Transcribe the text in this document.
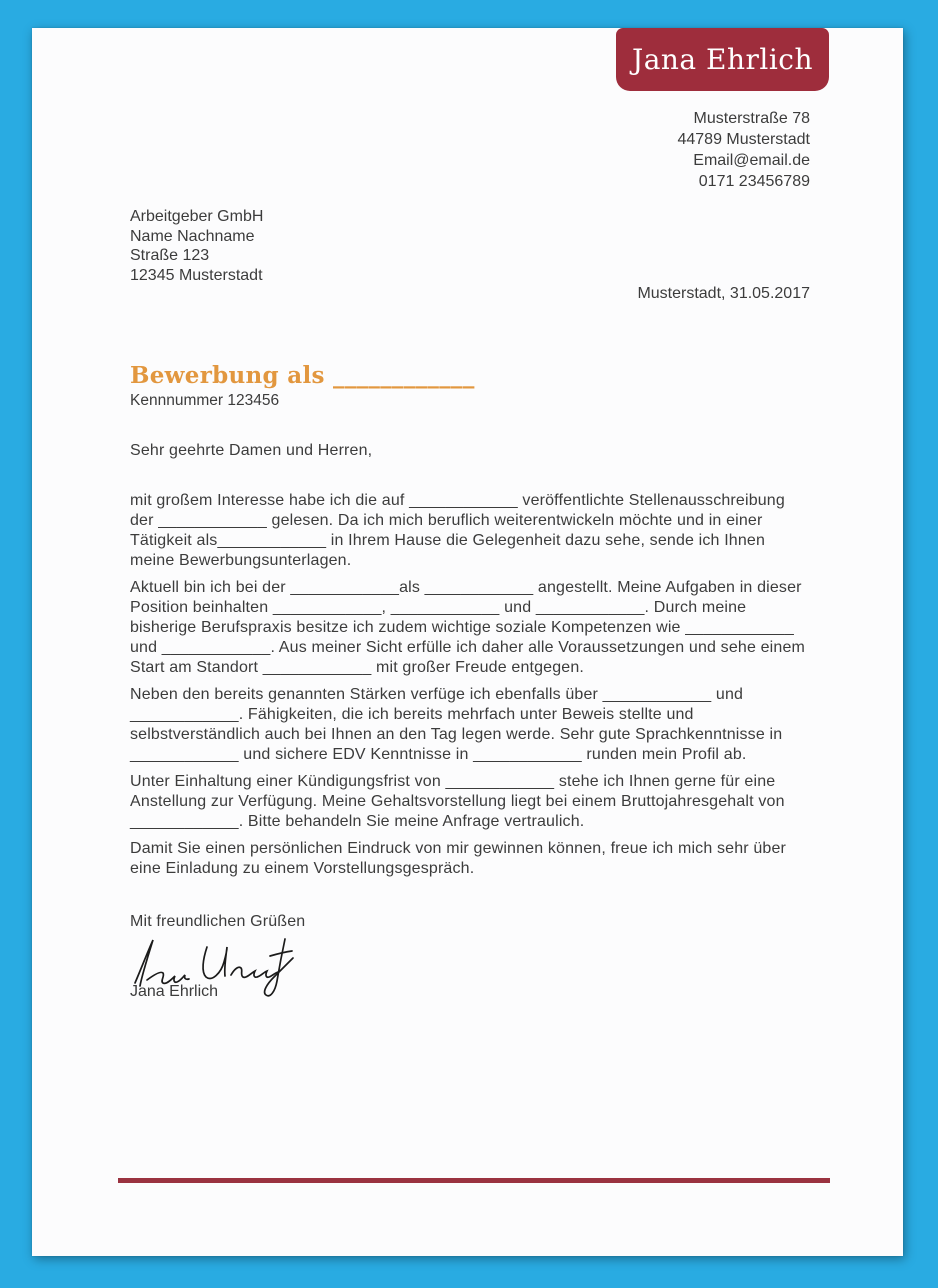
Jana Ehrlich
Musterstraße 78
44789 Musterstadt
Email@email.de
0171 23456789
Arbeitgeber GmbH
Name Nachname
Straße 123
12345 Musterstadt
Musterstadt, 31.05.2017
Bewerbung als ____________
Kennnummer 123456

Sehr geehrte Damen und Herren,

mit großem Interesse habe ich die auf ____________ veröffentlichte Stellenausschreibung der ____________ gelesen. Da ich mich beruflich weiterentwickeln möchte und in einer Tätigkeit als____________ in Ihrem Hause die Gelegenheit dazu sehe, sende ich Ihnen meine Bewerbungsunterlagen.

Aktuell bin ich bei der ____________als ____________ angestellt. Meine Aufgaben in dieser Position beinhalten ____________, ____________ und ____________. Durch meine bisherige Berufspraxis besitze ich zudem wichtige soziale Kompetenzen wie ____________ und ____________. Aus meiner Sicht erfülle ich daher alle Voraussetzungen und sehe einem Start am Standort ____________ mit großer Freude entgegen.

Neben den bereits genannten Stärken verfüge ich ebenfalls über ____________ und ____________. Fähigkeiten, die ich bereits mehrfach unter Beweis stellte und selbstverständlich auch bei Ihnen an den Tag legen werde. Sehr gute Sprachkenntnisse in ____________ und sichere EDV Kenntnisse in ____________ runden mein Profil ab.

Unter Einhaltung einer Kündigungsfrist von ____________ stehe ich Ihnen gerne für eine Anstellung zur Verfügung. Meine Gehaltsvorstellung liegt bei einem Bruttojahresgehalt von ____________. Bitte behandeln Sie meine Anfrage vertraulich.

Damit Sie einen persönlichen Eindruck von mir gewinnen können, freue ich mich sehr über eine Einladung zu einem Vorstellungsgespräch.

Mit freundlichen Grüßen

Jana Ehrlich
